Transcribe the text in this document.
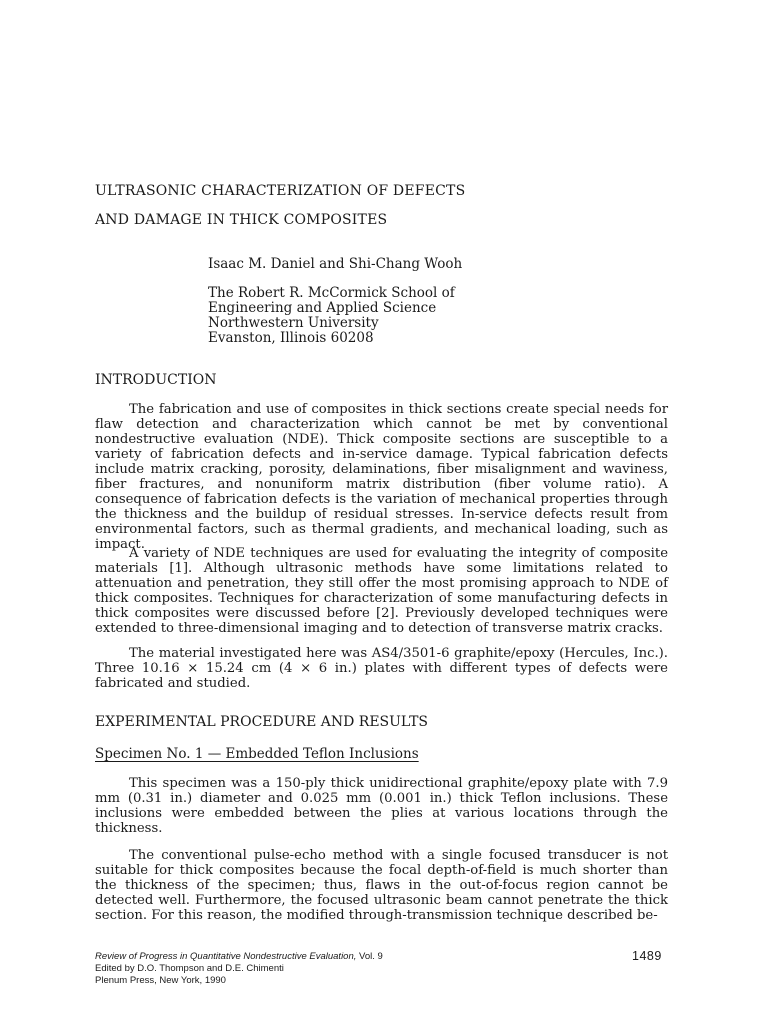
ULTRASONIC CHARACTERIZATION OF DEFECTS
AND DAMAGE IN THICK COMPOSITES
Isaac M. Daniel and Shi-Chang Wooh
The Robert R. McCormick School of
Engineering and Applied Science
Northwestern University
Evanston, Illinois 60208
INTRODUCTION

The fabrication and use of composites in thick sections create special needs for flaw detection and characterization which cannot be met by conventional nondestructive evaluation (NDE). Thick composite sections are susceptible to a variety of fabrication defects and in-service damage. Typical fabrication defects include matrix cracking, porosity, delaminations, fiber misalignment and waviness, fiber fractures, and nonuniform matrix distribution (fiber volume ratio). A consequence of fabrication defects is the variation of mechanical properties through the thickness and the buildup of residual stresses. In-service defects result from environmental factors, such as thermal gradients, and mechanical loading, such as impact.

A variety of NDE techniques are used for evaluating the integrity of composite materials [1]. Although ultrasonic methods have some limitations related to attenuation and penetration, they still offer the most promising approach to NDE of thick composites. Techniques for characterization of some manufacturing defects in thick composites were discussed before [2]. Previously developed techniques were extended to three-dimensional imaging and to detection of transverse matrix cracks.

The material investigated here was AS4/3501-6 graphite/epoxy (Hercules, Inc.). Three 10.16 × 15.24 cm (4 × 6 in.) plates with different types of defects were fabricated and studied.

EXPERIMENTAL PROCEDURE AND RESULTS
Specimen No. 1 — Embedded Teflon Inclusions

This specimen was a 150-ply thick unidirectional graphite/epoxy plate with 7.9 mm (0.31 in.) diameter and 0.025 mm (0.001 in.) thick Teflon inclusions. These inclusions were embedded between the plies at various locations through the thickness.

The conventional pulse-echo method with a single focused transducer is not suitable for thick composites because the focal depth-of-field is much shorter than the thickness of the specimen; thus, flaws in the out-of-focus region cannot be detected well. Furthermore, the focused ultrasonic beam cannot penetrate the thick section. For this reason, the modified through-transmission technique described be-

Review of Progress in Quantitative Nondestructive Evaluation, Vol. 9
Edited by D.O. Thompson and D.E. Chimenti
Plenum Press, New York, 1990
1489
